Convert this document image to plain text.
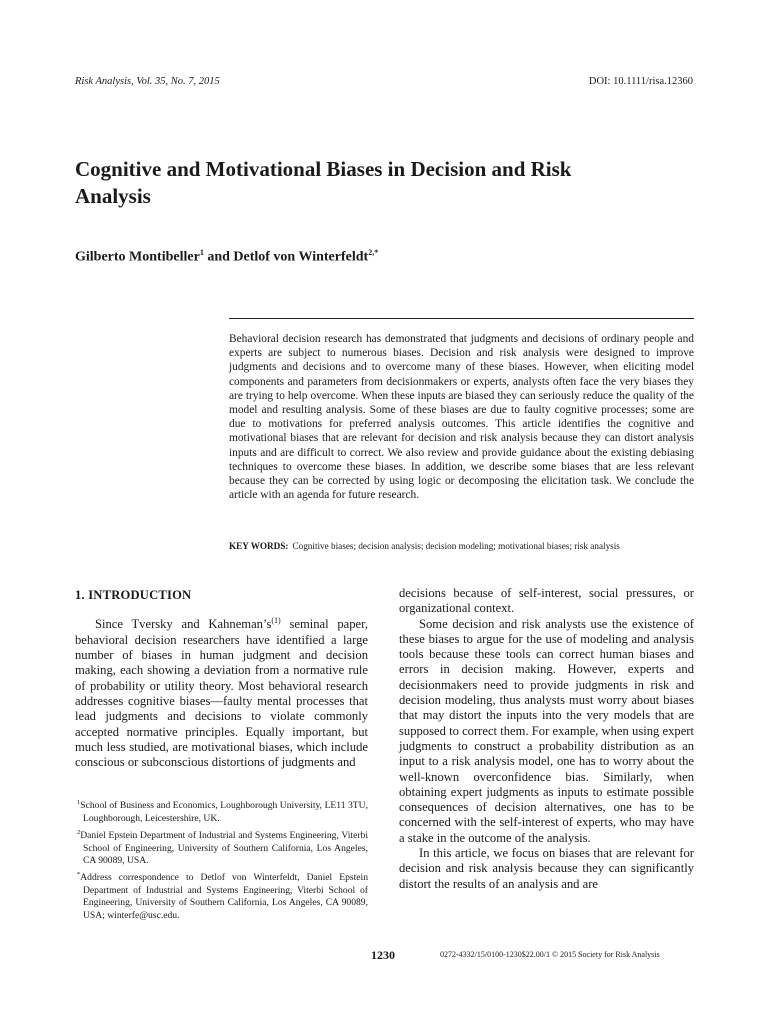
Risk Analysis, Vol. 35, No. 7, 2015	DOI: 10.1111/risa.12360
Cognitive and Motivational Biases in Decision and Risk Analysis
Gilberto Montibeller$^1$ and Detlof von Winterfeldt$^{2,*}$

Behavioral decision research has demonstrated that judgments and decisions of ordinary people and experts are subject to numerous biases. Decision and risk analysis were designed to improve judgments and decisions and to overcome many of these biases. However, when eliciting model components and parameters from decisionmakers or experts, analysts often face the very biases they are trying to help overcome. When these inputs are biased they can seriously reduce the quality of the model and resulting analysis. Some of these biases are due to faulty cognitive processes; some are due to motivations for preferred analysis outcomes. This article identifies the cognitive and motivational biases that are relevant for decision and risk analysis because they can distort analysis inputs and are difficult to correct. We also review and provide guidance about the existing debiasing techniques to overcome these biases. In addition, we describe some biases that are less relevant because they can be corrected by using logic or decomposing the elicitation task. We conclude the article with an agenda for future research.

KEY WORDS: Cognitive biases; decision analysis; decision modeling; motivational biases; risk analysis

1. INTRODUCTION

Since Tversky and $Kahneman’s^{(1)}$ seminal paper, behavioral decision researchers have identified a large number of biases in human judgment and decision making, each showing a deviation from a normative rule of probability or utility theory. Most behavioral research addresses cognitive biases—faulty mental processes that lead judgments and decisions to violate commonly accepted normative principles. Equally important, but much less studied, are motivational biases, which include conscious or subconscious distortions of judgments and

decisions because of self-interest, social pressures, or organizational context.

Some decision and risk analysts use the existence of these biases to argue for the use of modeling and analysis tools because these tools can correct human biases and errors in decision making. However, experts and decisionmakers need to provide judgments in risk and decision modeling, thus analysts must worry about biases that may distort the inputs into the very models that are supposed to correct them. For example, when using expert judgments to construct a probability distribution as an input to a risk analysis model, one has to worry about the well-known overconfidence bias. Similarly, when obtaining expert judgments as inputs to estimate possible consequences of decision alternatives, one has to be concerned with the self-interest of experts, who may have a stake in the outcome of the analysis.

In this article, we focus on biases that are relevant for decision and risk analysis because they can significantly distort the results of an analysis and are

$^1$School of Business and Economics, Loughborough University, LE11 3TU, Loughborough, Leicestershire, UK.

$^2$Daniel Epstein Department of Industrial and Systems Engineering, Viterbi School of Engineering, University of Southern California, Los Angeles, CA 90089, USA.

*Address correspondence to Detlof von Winterfeldt, Daniel Epstein Department of Industrial and Systems Engineering, Viterbi School of Engineering, University of Southern California, Los Angeles, CA 90089, USA; winterfe@usc.edu.

1230	0272-4332/15/0100-1230$22.00/1 © 2015 Society for Risk Analysis
